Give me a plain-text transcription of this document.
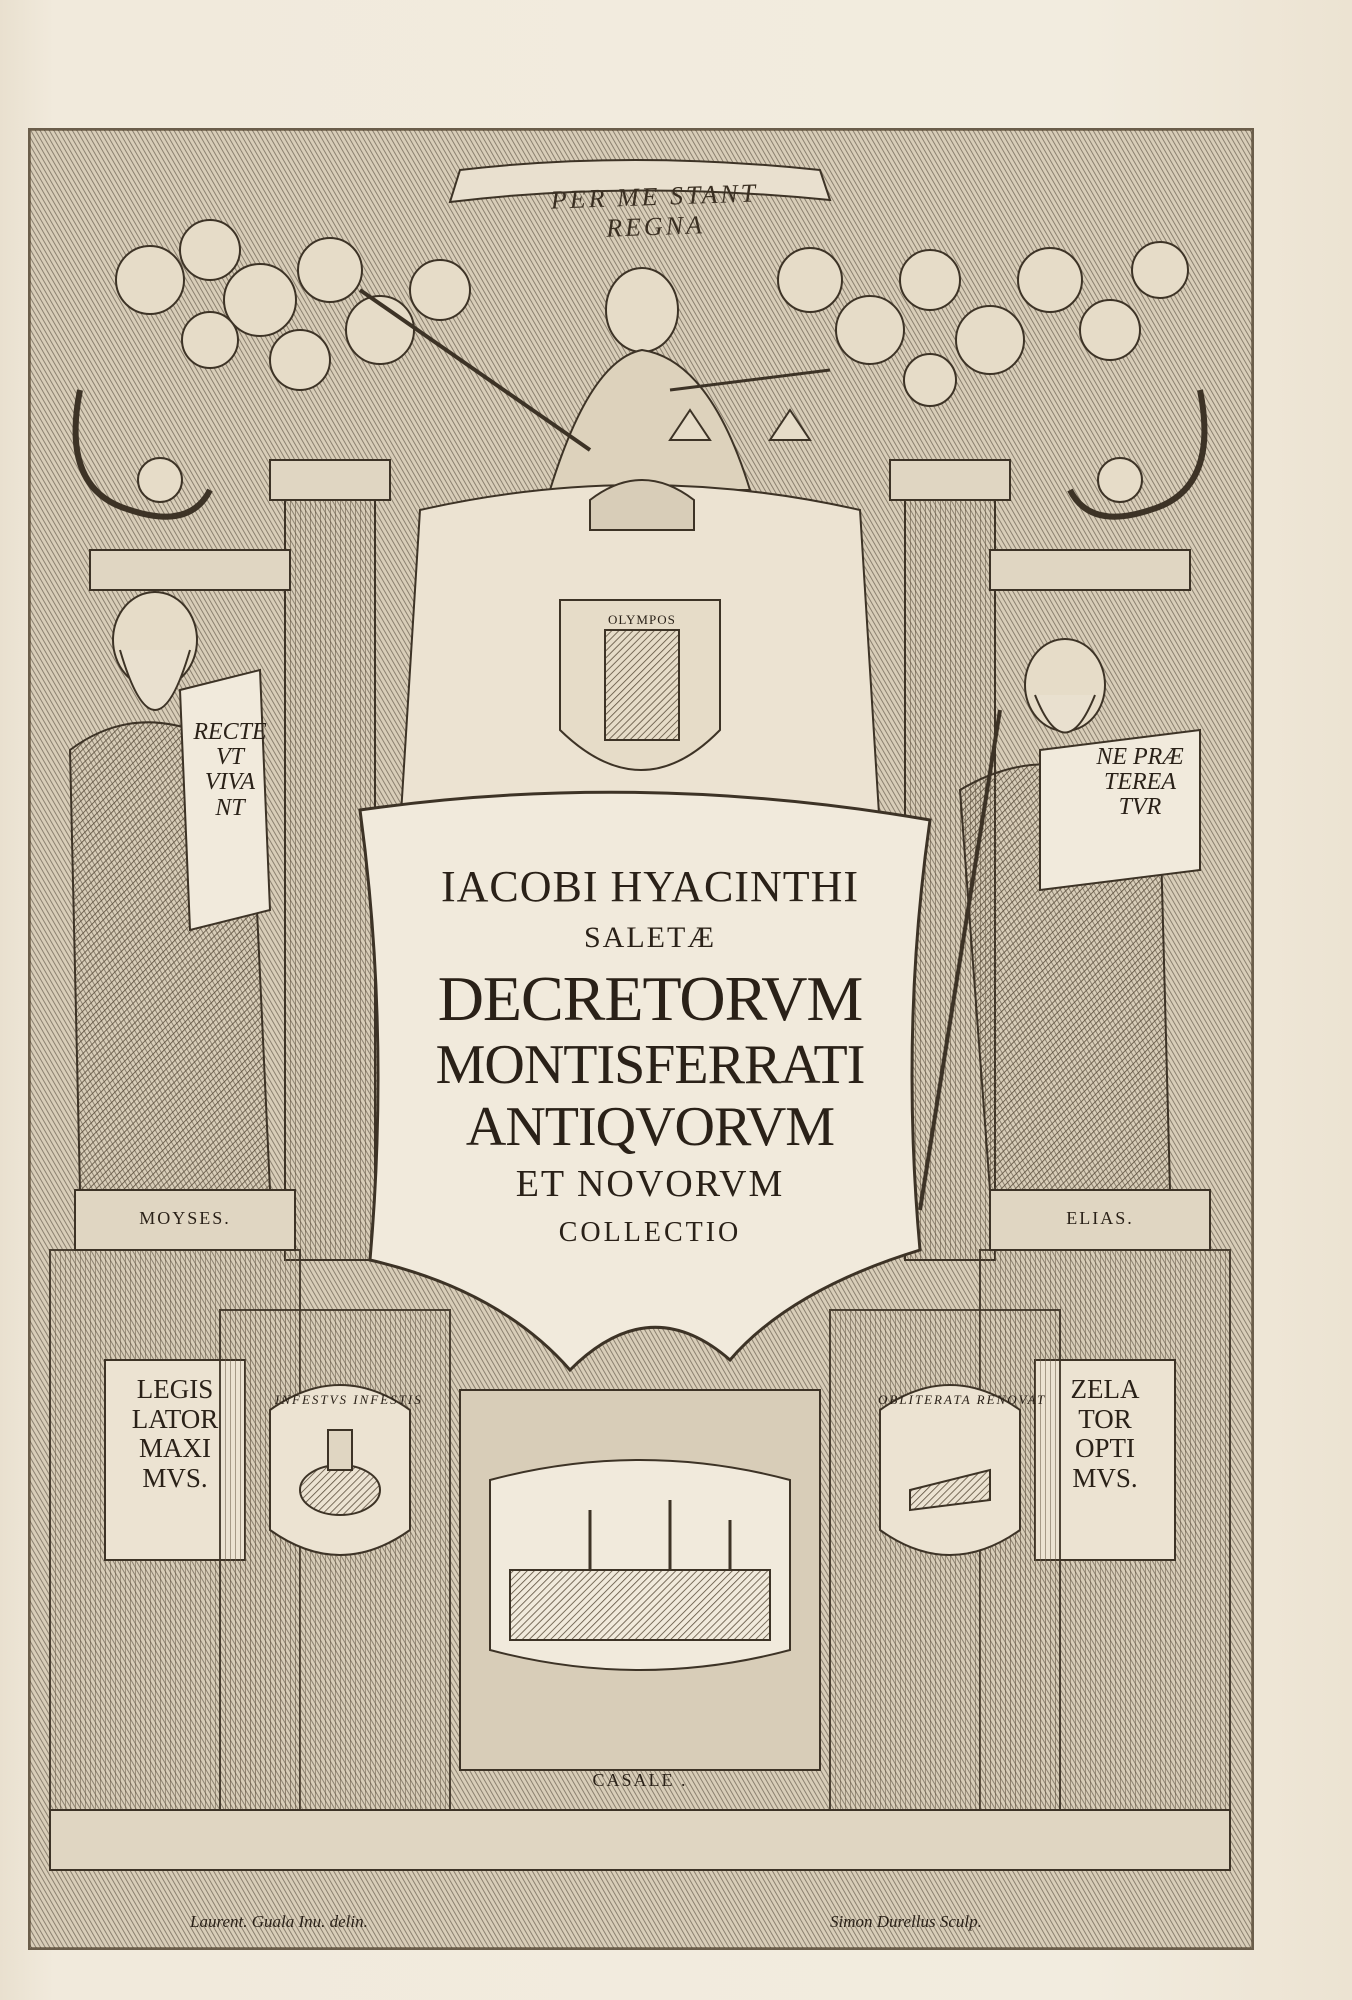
PER ME STANT REGNA
OLYMPOS
IACOBI HYACINTHI
SALETÆ
DECRETORVM
MONTISFERRATI
ANTIQVORVM
ET NOVORVM
COLLECTIO
RECTE
VT
VIVA
NT
NE PRÆ
TEREA
TVR
MOYSES.	ELIAS.
LEGIS
LATOR
MAXI
MVS.
ZELA
TOR
OPTI
MVS.
INFESTVS INFESTIS	OBLITERATA RENOVAT
CASALE .
Laurent. Guala Inu. delin.	Simon Durellus Sculp.
